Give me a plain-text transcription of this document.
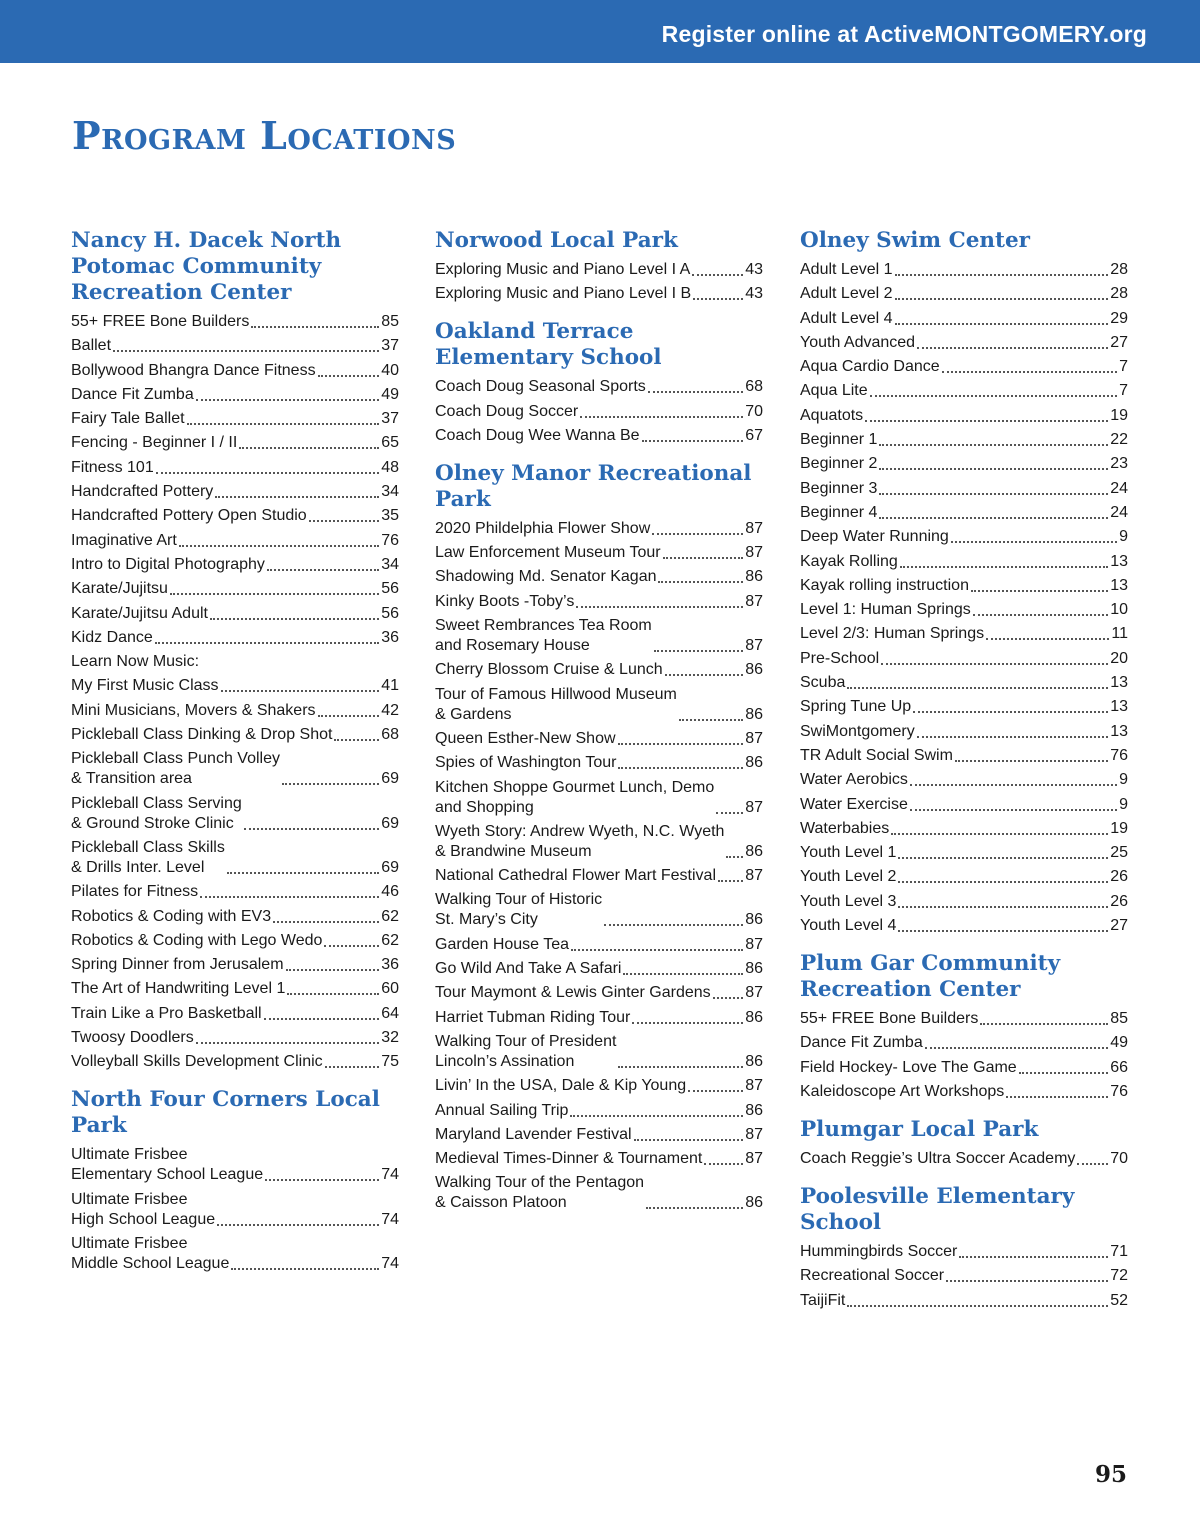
Register online at ActiveMONTGOMERY.org
Program Locations
Nancy H. Dacek North Potomac Community Recreation Center
55+ FREE Bone Builders	85
Ballet	37
Bollywood Bhangra Dance Fitness	40
Dance Fit Zumba	49
Fairy Tale Ballet	37
Fencing - Beginner I / II	65
Fitness 101	48
Handcrafted Pottery	34
Handcrafted Pottery Open Studio	35
Imaginative Art	76
Intro to Digital Photography	34
Karate/Jujitsu	56
Karate/Jujitsu Adult	56
Kidz Dance	36
Learn Now Music:
My First Music Class	41
Mini Musicians, Movers & Shakers	42
Pickleball Class Dinking & Drop Shot	68
Pickleball Class Punch Volley
& Transition area	69
Pickleball Class Serving
& Ground Stroke Clinic	69
Pickleball Class Skills
& Drills Inter. Level	69
Pilates for Fitness	46
Robotics & Coding with EV3	62
Robotics & Coding with Lego Wedo	62
Spring Dinner from Jerusalem	36
The Art of Handwriting Level 1	60
Train Like a Pro Basketball	64
Twoosy Doodlers	32
Volleyball Skills Development Clinic	75
North Four Corners Local Park
Ultimate Frisbee
Elementary School League	74
Ultimate Frisbee
High School League	74
Ultimate Frisbee
Middle School League	74
Norwood Local Park
Exploring Music and Piano Level I A	43
Exploring Music and Piano Level I B	43
Oakland Terrace Elementary School
Coach Doug Seasonal Sports	68
Coach Doug Soccer	70
Coach Doug Wee Wanna Be	67
Olney Manor Recreational Park
2020 Phildelphia Flower Show	87
Law Enforcement Museum Tour	87
Shadowing Md. Senator Kagan	86
Kinky Boots -Toby’s	87
Sweet Rembrances Tea Room
and Rosemary House	87
Cherry Blossom Cruise & Lunch	86
Tour of Famous Hillwood Museum
& Gardens	86
Queen Esther-New Show	87
Spies of Washington Tour	86
Kitchen Shoppe Gourmet Lunch, Demo
and Shopping	87
Wyeth Story: Andrew Wyeth, N.C. Wyeth
& Brandwine Museum	86
National Cathedral Flower Mart Festival 87
Walking Tour of Historic
St. Mary’s City	86
Garden House Tea	87
Go Wild And Take A Safari	86
Tour Maymont & Lewis Ginter Gardens 87
Harriet Tubman Riding Tour	86
Walking Tour of President
Lincoln’s Assination	86
Livin’ In the USA, Dale & Kip Young	87
Annual Sailing Trip	86
Maryland Lavender Festival	87
Medieval Times-Dinner & Tournament	87
Walking Tour of the Pentagon
& Caisson Platoon	86
Olney Swim Center
Adult Level 1	28
Adult Level 2	28
Adult Level 4	29
Youth Advanced	27
Aqua Cardio Dance	7
Aqua Lite	7
Aquatots	19
Beginner 1	22
Beginner 2	23
Beginner 3	24
Beginner 4	24
Deep Water Running	9
Kayak Rolling	13
Kayak rolling instruction	13
Level 1: Human Springs	10
Level 2/3: Human Springs	11
Pre-School	20
Scuba	13
Spring Tune Up	13
SwiMontgomery	13
TR Adult Social Swim	76
Water Aerobics	9
Water Exercise	9
Waterbabies	19
Youth Level 1	25
Youth Level 2	26
Youth Level 3	26
Youth Level 4	27
Plum Gar Community Recreation Center
55+ FREE Bone Builders	85
Dance Fit Zumba	49
Field Hockey- Love The Game	66
Kaleidoscope Art Workshops	76
Plumgar Local Park
Coach Reggie’s Ultra Soccer Academy 70
Poolesville Elementary School
Hummingbirds Soccer	71
Recreational Soccer	72
TaijiFit	52
95
